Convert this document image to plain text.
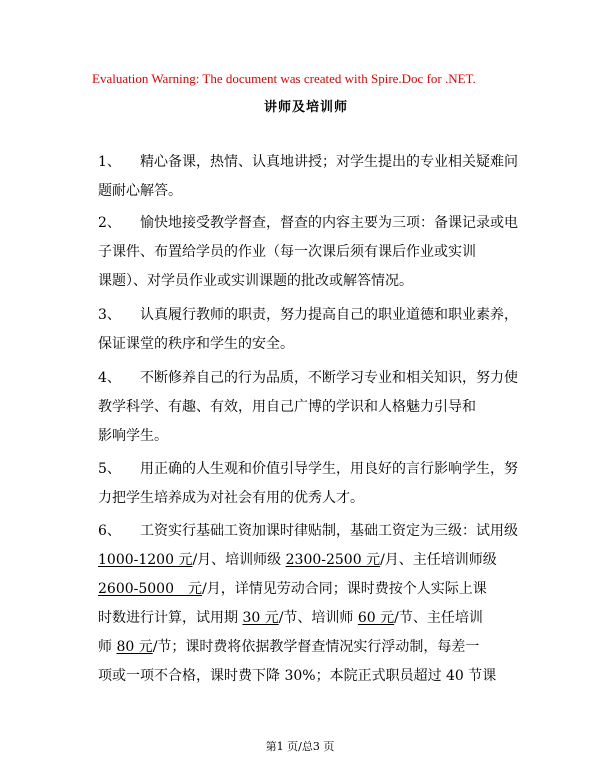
Evaluation Warning: The document was created with Spire.Doc for .NET.
讲师及培训师
1、 精心备课，热情、认真地讲授；对学生提出的专业相关疑难问
题耐心解答。
2、 愉快地接受教学督查，督查的内容主要为三项：备课记录或电
子课件、布置给学员的作业（每一次课后须有课后作业或实训
课题）、对学员作业或实训课题的批改或解答情况。
3、 认真履行教师的职责，努力提高自己的职业道德和职业素养，
保证课堂的秩序和学生的安全。
4、 不断修养自己的行为品质，不断学习专业和相关知识，努力使
教学科学、有趣、有效，用自己广博的学识和人格魅力引导和
影响学生。
5、 用正确的人生观和价值引导学生，用良好的言行影响学生，努
力把学生培养成为对社会有用的优秀人才。
6、 工资实行基础工资加课时律贴制，基础工资定为三级：试用级
1000-1200 元/月、培训师级 2300-2500 元/月、主任培训师级
2600-5000　元/月，详情见劳动合同；课时费按个人实际上课
时数进行计算，试用期 30 元/节、培训师 60 元/节、主任培训
师 80 元/节；课时费将依据教学督查情况实行浮动制，每差一
项或一项不合格，课时费下降 30%；本院正式职员超过 40 节课
第1 页/总3 页
